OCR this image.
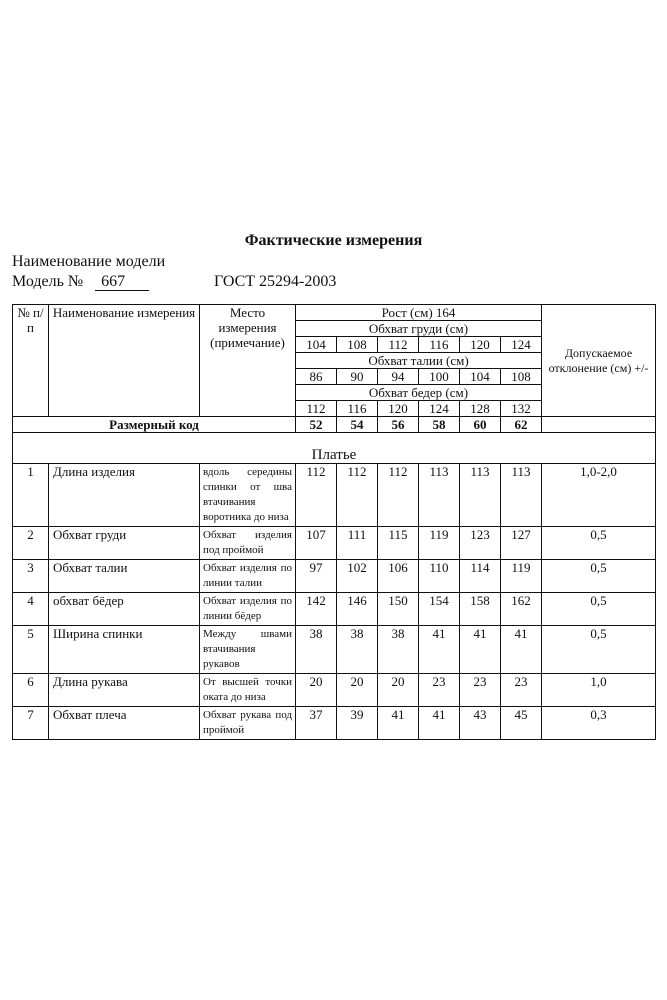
Фактические измерения
Наименование модели
Модель № 667	ГОСТ 25294-2003
№ п/п	Наименование измерения	Место измерения (примечание)	Рост (см) 164						Допускаемое отклонение (см) +/-
			Обхват груди (см)						
			104	108	112	116	120	124	
			Обхват талии (см)						
			86	90	94	100	104	108	
			Обхват бедер (см)						
			112	116	120	124	128	132	
Размерный код			52	54	56	58	60	62	
Платье									
1	Длина изделия	вдоль середины спинки от шва втачивания воротника до низа	112	112	112	113	113	113	1,0-2,0
2	Обхват груди	Обхват изделия под проймой	107	111	115	119	123	127	0,5
3	Обхват талии	Обхват изделия по линии талии	97	102	106	110	114	119	0,5
4	обхват бёдер	Обхват изделия по линии бёдер	142	146	150	154	158	162	0,5
5	Ширина спинки	Между швами втачивания рукавов	38	38	38	41	41	41	0,5
6	Длина рукава	От высшей точки оката до низа	20	20	20	23	23	23	1,0
7	Обхват плеча	Обхват рукава под проймой	37	39	41	41	43	45	0,3
